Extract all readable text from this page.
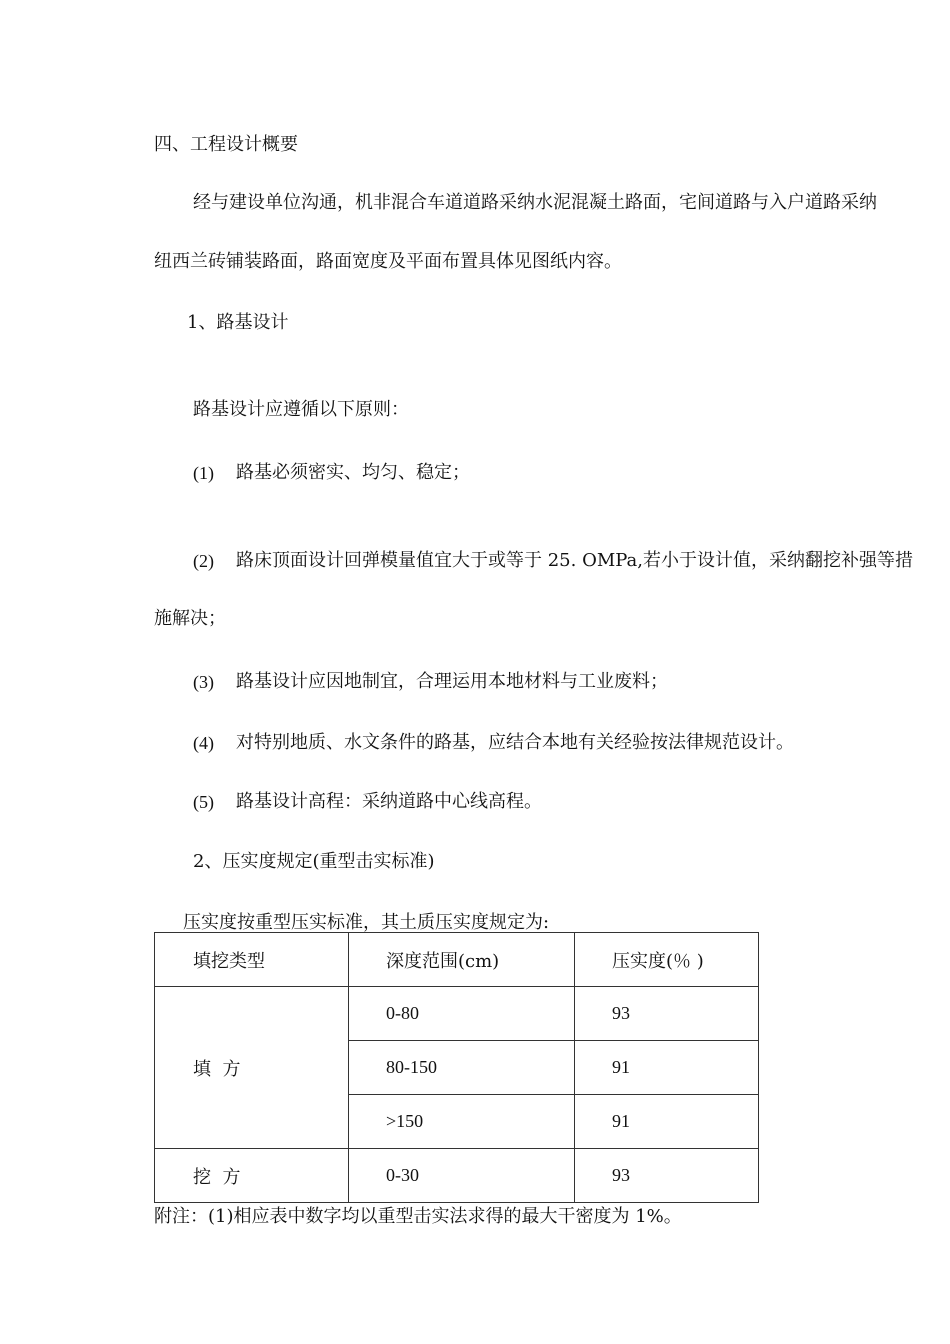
四、工程设计概要
经与建设单位沟通，机非混合车道道路采纳水泥混凝土路面，宅间道路与入户道路采纳
纽西兰砖铺装路面，路面宽度及平面布置具体见图纸内容。
1、路基设计
路基设计应遵循以下原则：
(1) 路基必须密实、均匀、稳定；
(2) 路床顶面设计回弹模量值宜大于或等于 25. OMPa,若小于设计值，采纳翻挖补强等措
施解决；
(3) 路基设计应因地制宜，合理运用本地材料与工业废料；
(4) 对特别地质、水文条件的路基，应结合本地有关经验按法律规范设计。
(5) 路基设计高程：采纳道路中心线高程。
2、压实度规定(重型击实标准)
压实度按重型压实标准，其土质压实度规定为:
填挖类型	深度范围(cm)	压实度(％ )
填  方	0-80	93
	80-150	91
	>150	91
挖  方	0-30	93
附注：(1)相应表中数字均以重型击实法求得的最大干密度为 1%。
